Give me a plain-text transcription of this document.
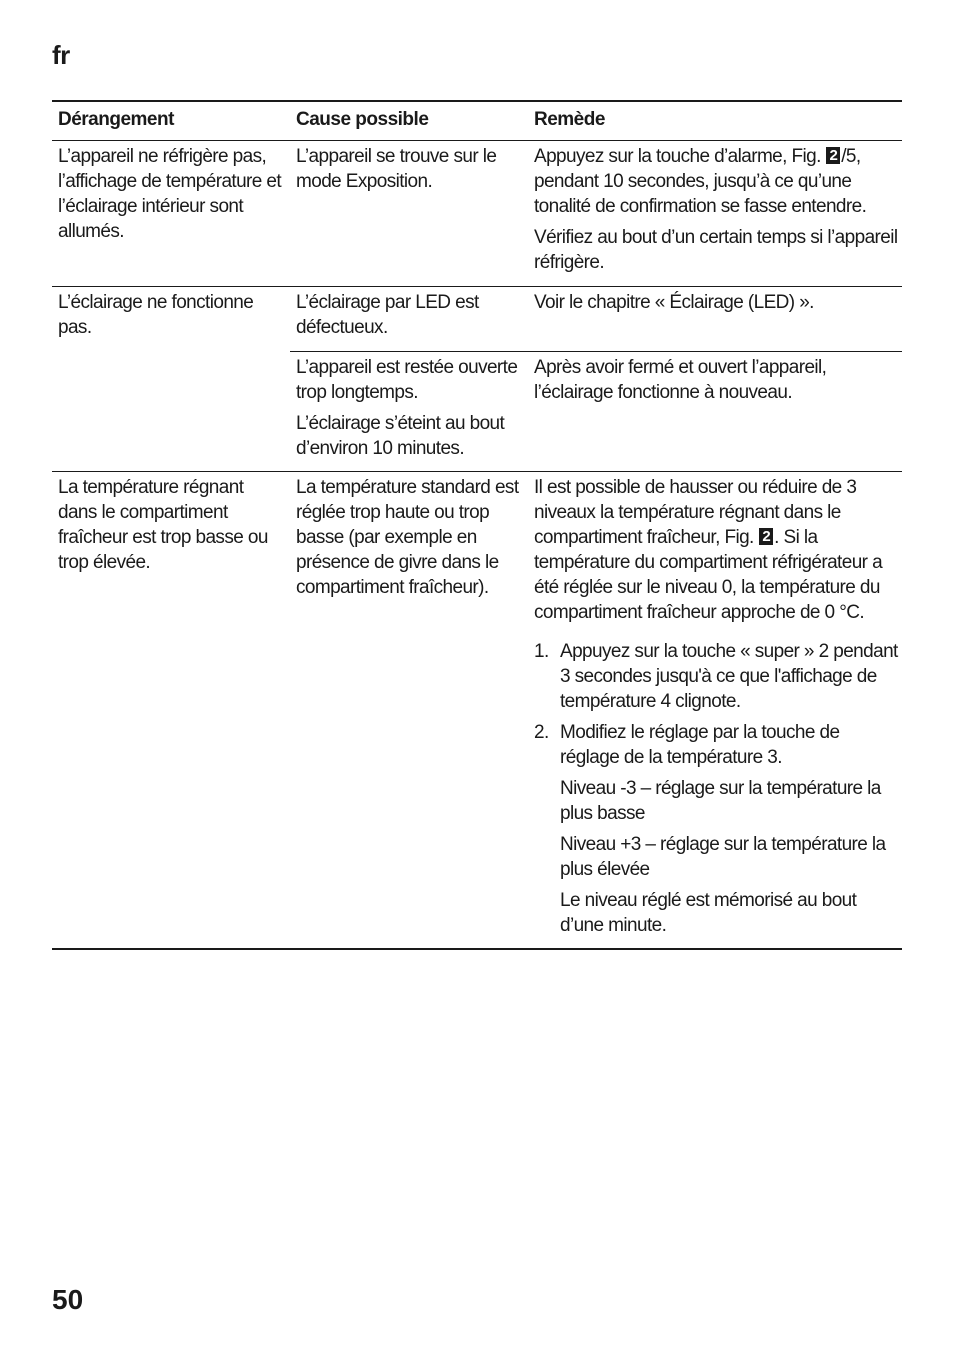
fr
Dérangement	Cause possible	Remède

L’appareil ne réfrigère pas, l’affichage de température et l’éclairage intérieur sont allumés.

L’appareil se trouve sur le mode Exposition.

Appuyez sur la touche d’alarme, Fig. 2 /5, pendant 10 secondes, jusqu’à ce qu’une tonalité de confirmation se fasse entendre.

Vérifiez au bout d’un certain temps si l’appareil réfrigère.

L’éclairage ne fonctionne pas.

L’éclairage par LED est défectueux.

Voir le chapitre « Éclairage (LED) ».

L’appareil est restée ouverte trop longtemps.

L’éclairage s’éteint au bout d’environ 10 minutes.

Après avoir fermé et ouvert l’appareil, l’éclairage fonctionne à nouveau.

La température régnant dans le compartiment fraîcheur est trop basse ou trop élevée.

La température standard est réglée trop haute ou trop basse (par exemple en présence de givre dans le compartiment fraîcheur).

Il est possible de hausser ou réduire de 3 niveaux la température régnant dans le compartiment fraîcheur, Fig. 2 . Si la température du compartiment réfrigérateur a été réglée sur le niveau 0, la température du compartiment fraîcheur approche de 0 °C.

1. Appuyez sur la touche « super » 2 pendant 3 secondes jusqu'à ce que l'affichage de température 4 clignote.
2. Modifiez le réglage par la touche de réglage de la température 3.

Niveau -3 – réglage sur la température la plus basse

Niveau +3 – réglage sur la température la plus élevée

Le niveau réglé est mémorisé au bout d’une minute.

50
